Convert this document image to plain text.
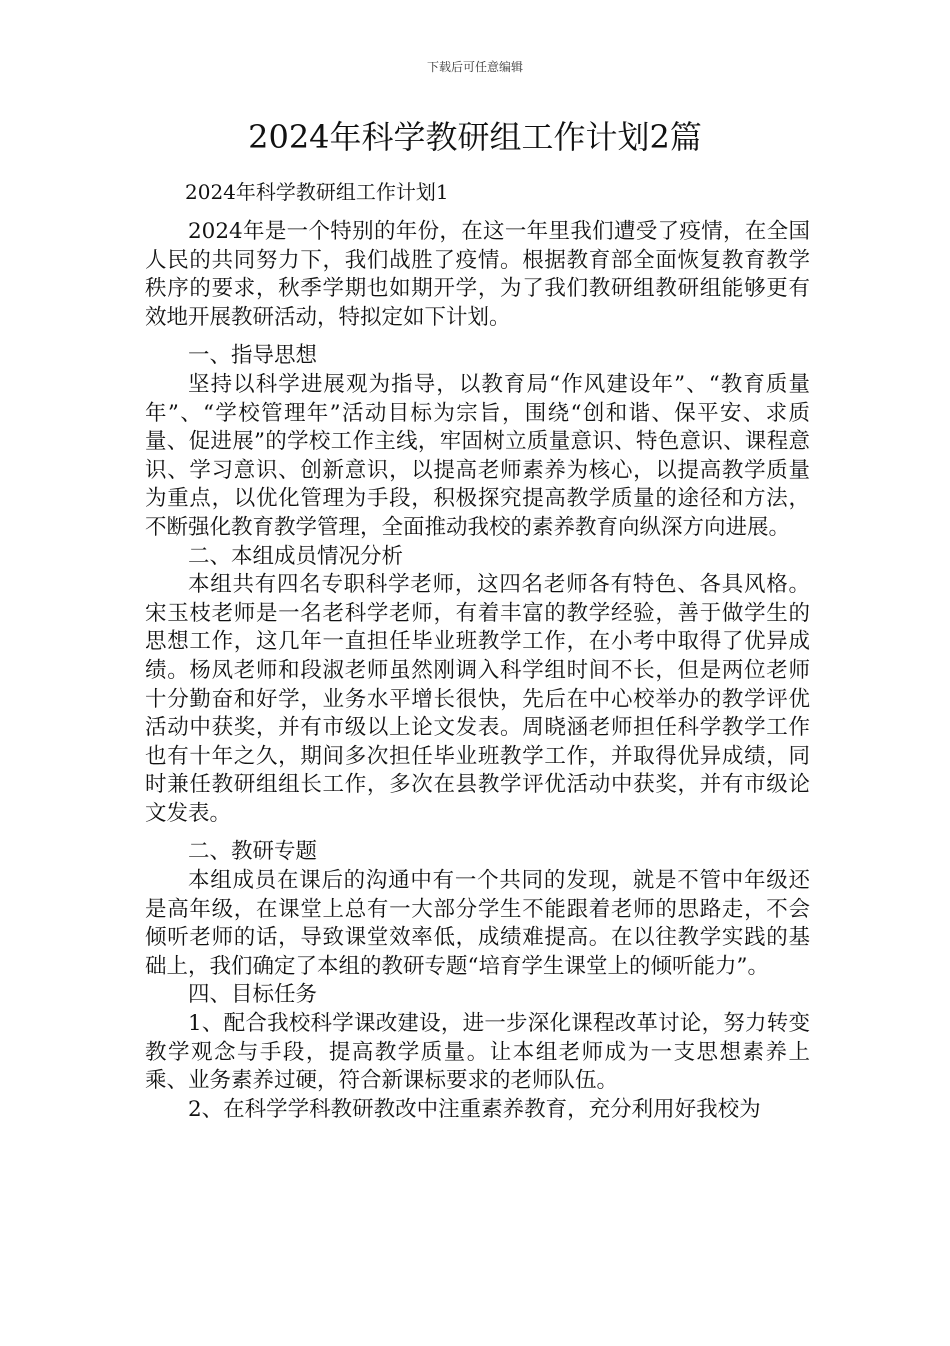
下载后可任意编辑
2024年科学教研组工作计划2篇

2024年科学教研组工作计划1

2024年是一个特别的年份，在这一年里我们遭受了疫情，在全国人民的共同努力下，我们战胜了疫情。根据教育部全面恢复教育教学秩序的要求，秋季学期也如期开学，为了我们教研组教研组能够更有效地开展教研活动，特拟定如下计划。

一、指导思想

坚持以科学进展观为指导，以教育局“作风建设年”、“教育质量年”、“学校管理年”活动目标为宗旨，围绕“创和谐、保平安、求质量、促进展”的学校工作主线，牢固树立质量意识、特色意识、课程意识、学习意识、创新意识，以提高老师素养为核心，以提高教学质量为重点，以优化管理为手段，积极探究提高教学质量的途径和方法，不断强化教育教学管理，全面推动我校的素养教育向纵深方向进展。

二、本组成员情况分析

本组共有四名专职科学老师，这四名老师各有特色、各具风格。宋玉枝老师是一名老科学老师，有着丰富的教学经验，善于做学生的思想工作，这几年一直担任毕业班教学工作，在小考中取得了优异成绩。杨凤老师和段淑老师虽然刚调入科学组时间不长，但是两位老师十分勤奋和好学，业务水平增长很快，先后在中心校举办的教学评优活动中获奖，并有市级以上论文发表。周晓涵老师担任科学教学工作也有十年之久，期间多次担任毕业班教学工作，并取得优异成绩，同时兼任教研组组长工作，多次在县教学评优活动中获奖，并有市级论文发表。

二、教研专题

本组成员在课后的沟通中有一个共同的发现，就是不管中年级还是高年级，在课堂上总有一大部分学生不能跟着老师的思路走，不会倾听老师的话，导致课堂效率低，成绩难提高。在以往教学实践的基础上，我们确定了本组的教研专题“培育学生课堂上的倾听能力”。

四、目标任务

1、配合我校科学课改建设，进一步深化课程改革讨论，努力转变教学观念与手段，提高教学质量。让本组老师成为一支思想素养上乘、业务素养过硬，符合新课标要求的老师队伍。

2、在科学学科教研教改中注重素养教育，充分利用好我校为
